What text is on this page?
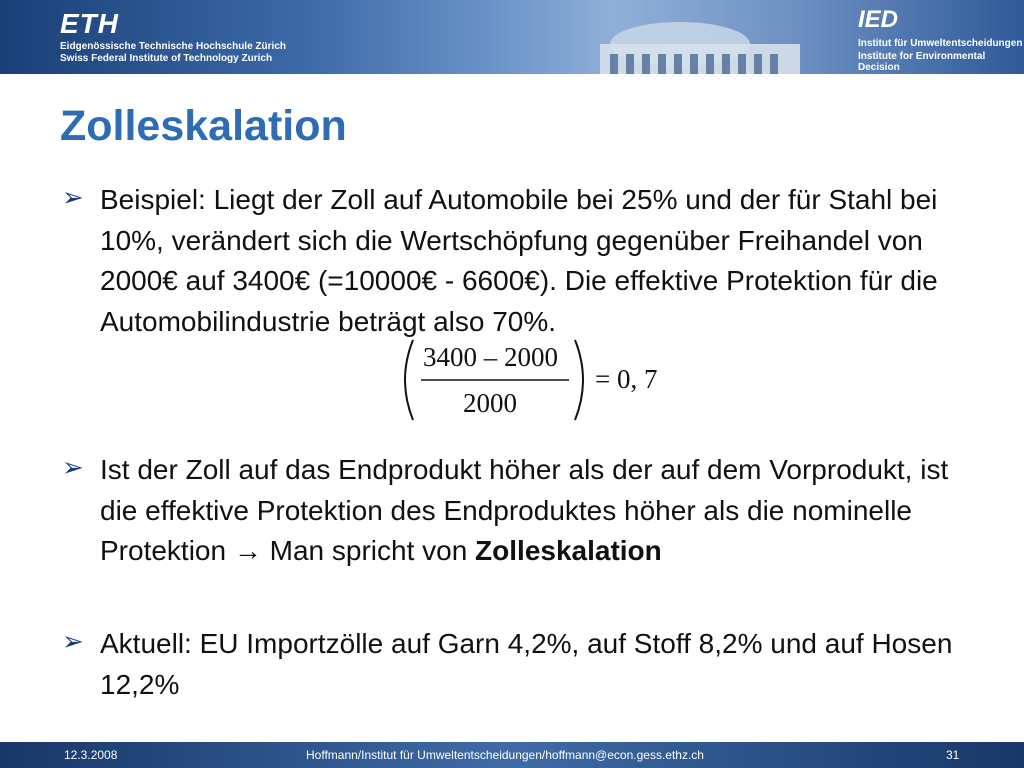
ETH
Eidgenössische Technische Hochschule Zürich
Swiss Federal Institute of Technology Zurich
IED
Institut für Umweltentscheidungen
Institute for Environmental Decision
Zolleskalation
➢ Beispiel: Liegt der Zoll auf Automobile bei 25% und der für Stahl bei 10%, verändert sich die Wertschöpfung gegenüber Freihandel von 2000€ auf 3400€ (=10000€ - 6600€). Die effektive Protektion für die Automobilindustrie beträgt also 70%.
3400 – 2000
2000
= 0, 7
➢ Ist der Zoll auf das Endprodukt höher als der auf dem Vorprodukt, ist die effektive Protektion des Endproduktes höher als die nominelle Protektion → Man spricht von Zolleskalation
➢ Aktuell: EU Importzölle auf Garn 4,2%, auf Stoff 8,2% und auf Hosen 12,2%
12.3.2008	Hoffmann/Institut für Umweltentscheidungen/hoffmann@econ.gess.ethz.ch	31
